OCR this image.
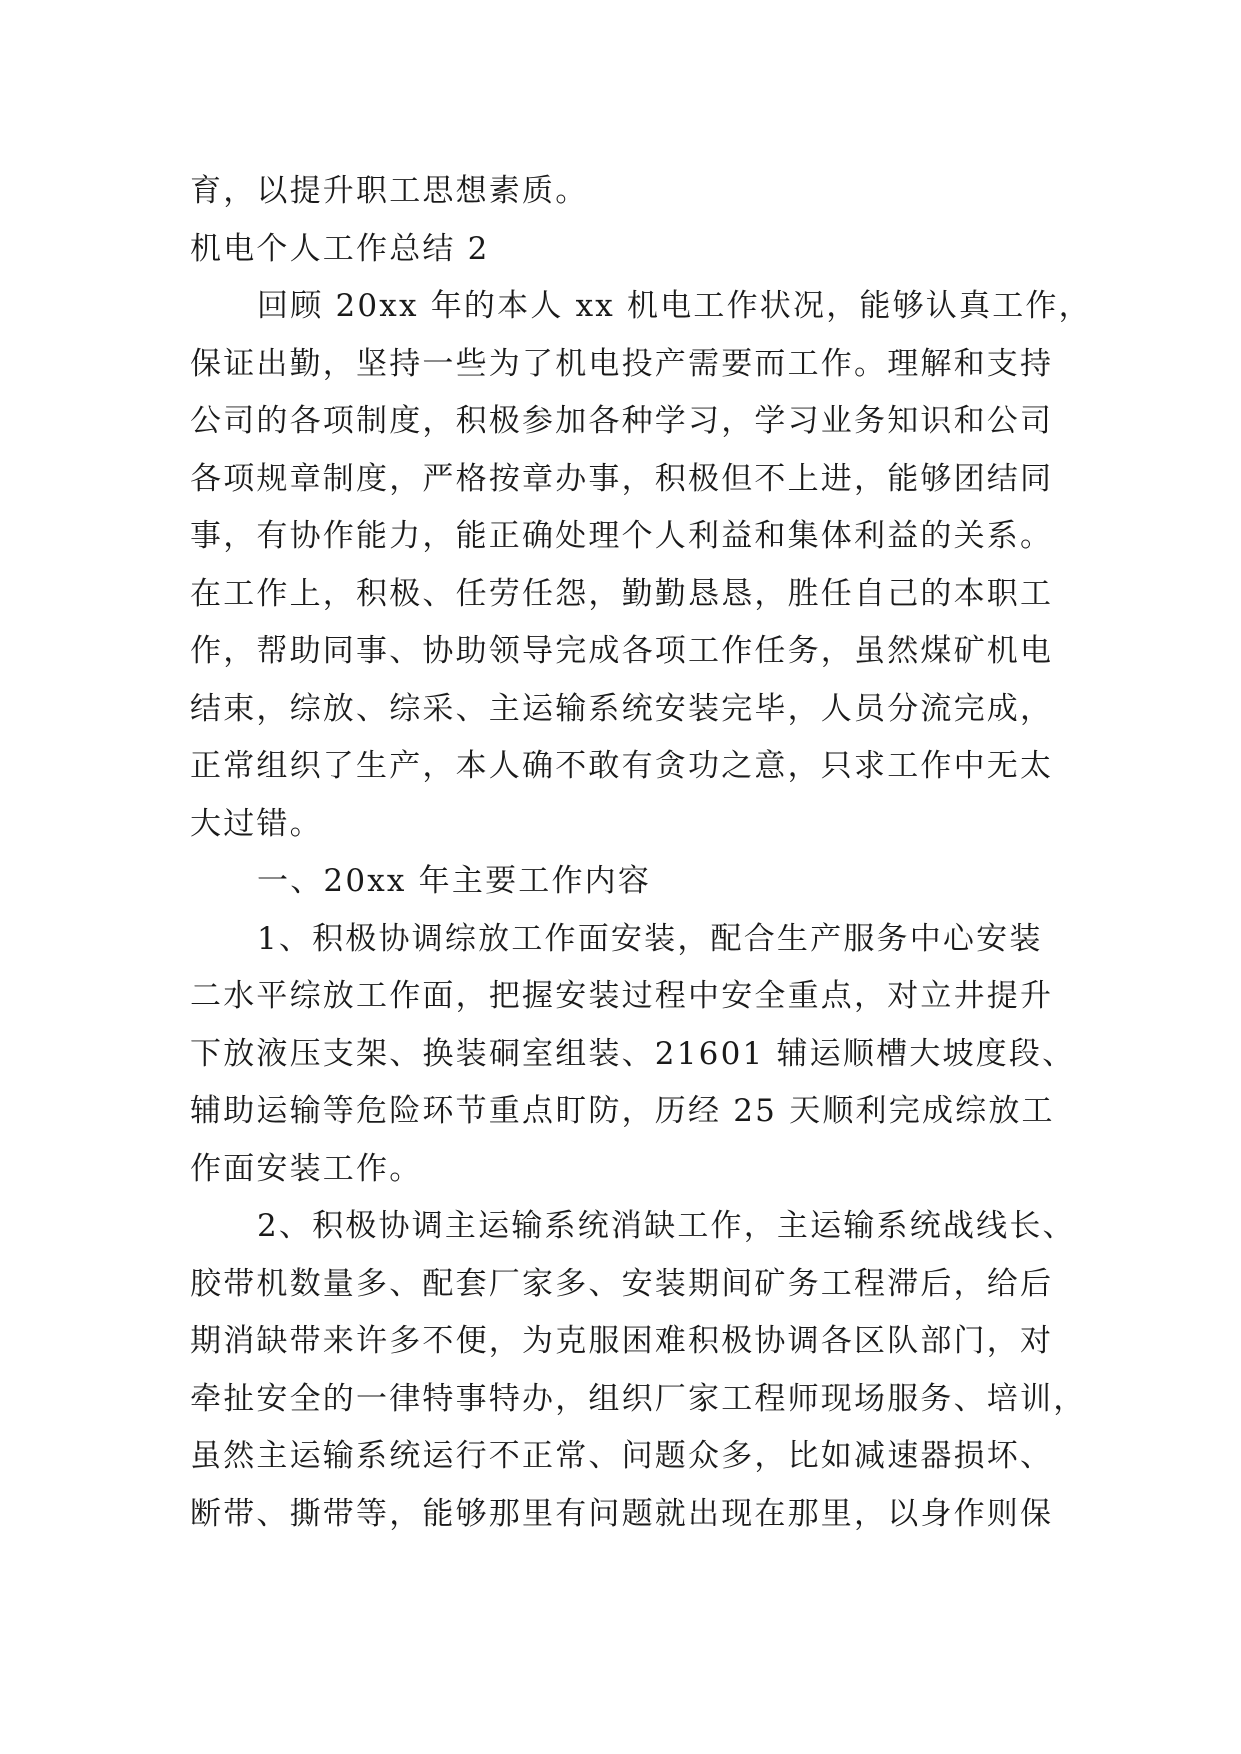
育，以提升职工思想素质。
机电个人工作总结 2
回顾 20xx 年的本人 xx 机电工作状况，能够认真工作，
保证出勤，坚持一些为了机电投产需要而工作。理解和支持
公司的各项制度，积极参加各种学习，学习业务知识和公司
各项规章制度，严格按章办事，积极但不上进，能够团结同
事，有协作能力，能正确处理个人利益和集体利益的关系。
在工作上，积极、任劳任怨，勤勤恳恳，胜任自己的本职工
作，帮助同事、协助领导完成各项工作任务，虽然煤矿机电
结束，综放、综采、主运输系统安装完毕，人员分流完成，
正常组织了生产，本人确不敢有贪功之意，只求工作中无太
大过错。
一、20xx 年主要工作内容
1、积极协调综放工作面安装，配合生产服务中心安装
二水平综放工作面，把握安装过程中安全重点，对立井提升
下放液压支架、换装硐室组装、21601 辅运顺槽大坡度段、
辅助运输等危险环节重点盯防，历经 25 天顺利完成综放工
作面安装工作。
2、积极协调主运输系统消缺工作，主运输系统战线长、
胶带机数量多、配套厂家多、安装期间矿务工程滞后，给后
期消缺带来许多不便，为克服困难积极协调各区队部门，对
牵扯安全的一律特事特办，组织厂家工程师现场服务、培训，
虽然主运输系统运行不正常、问题众多，比如减速器损坏、
断带、撕带等，能够那里有问题就出现在那里，以身作则保
